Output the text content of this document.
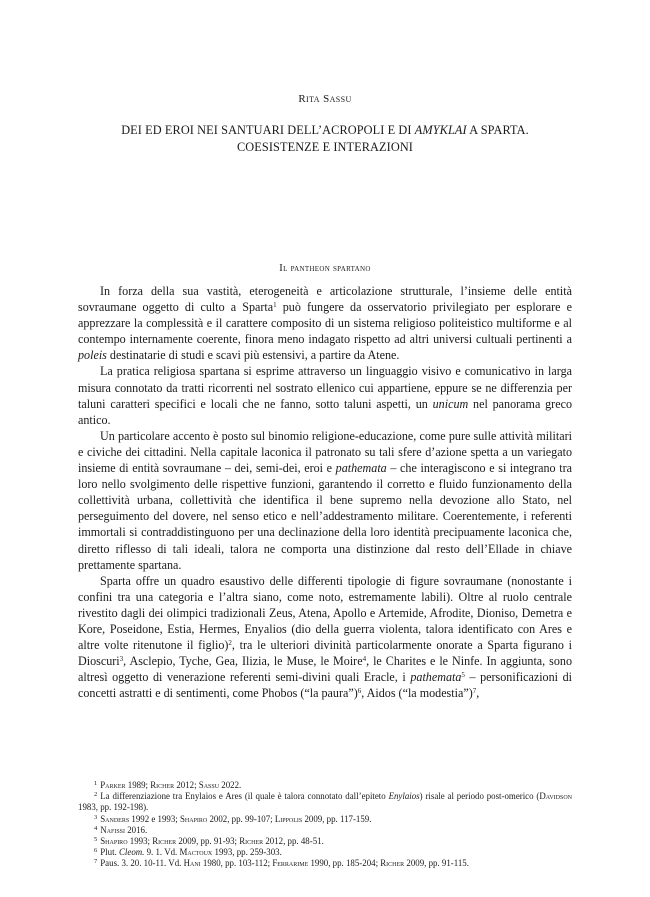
Rita Sassu
DEI ED EROI NEI SANTUARI DELL’ACROPOLI E DI AMYKLAI A SPARTA.
COESISTENZE E INTERAZIONI
Il pantheon spartano

In forza della sua vastità, eterogeneità e articolazione strutturale, l’insieme delle entità sovraumane oggetto di culto a Sparta$^1$ può fungere da osservatorio privilegiato per esplorare e apprezzare la complessità e il carattere composito di un sistema religioso politeistico multiforme e al contempo internamente coerente, finora meno indagato rispetto ad altri universi cultuali pertinenti a poleis destinatarie di studi e scavi più estensivi, a partire da Atene.

La pratica religiosa spartana si esprime attraverso un linguaggio visivo e comunicativo in larga misura connotato da tratti ricorrenti nel sostrato ellenico cui appartiene, eppure se ne differenzia per taluni caratteri specifici e locali che ne fanno, sotto taluni aspetti, un unicum nel panorama greco antico.

Un particolare accento è posto sul binomio religione-educazione, come pure sulle attività militari e civiche dei cittadini. Nella capitale laconica il patronato su tali sfere d’azione spetta a un variegato insieme di entità sovraumane – dei, semi-dei, eroi e pathemata – che interagiscono e si integrano tra loro nello svolgimento delle rispettive funzioni, garantendo il corretto e fluido funzionamento della collettività urbana, collettività che identifica il bene supremo nella devozione allo Stato, nel perseguimento del dovere, nel senso etico e nell’addestramento militare. Coerentemente, i referenti immortali si contraddistinguono per una declinazione della loro identità precipuamente laconica che, diretto riflesso di tali ideali, talora ne comporta una distinzione dal resto dell’Ellade in chiave prettamente spartana.

Sparta offre un quadro esaustivo delle differenti tipologie di figure sovraumane (nonostante i confini tra una categoria e l’altra siano, come noto, estremamente labili). Oltre al ruolo centrale rivestito dagli dei olimpici tradizionali Zeus, Atena, Apollo e Artemide, Afrodite, Dioniso, Demetra e Kore, Poseidone, Estia, Hermes, Enyalios (dio della guerra violenta, talora identificato con Ares e altre volte ritenutone il figlio)$^2$, tra le ulteriori divinità particolarmente onorate a Sparta figurano i Dioscuri$^3$, Asclepio, Tyche, Gea, Ilizia, le Muse, le Moire$^4$, le Charites e le Ninfe. In aggiunta, sono altresì oggetto di venerazione referenti semi-divini quali Eracle, i pathemata$^5$ – personificazioni di concetti astratti e di sentimenti, come Phobos (“la paura”)$^6$, Aidos (“la modestia”)$^7$,

$^1$ Parker 1989; Richer 2012; Sassu 2022.
$^2$ La differenziazione tra Enylaios e Ares (il quale è talora connotato dall’epiteto Enylaios) risale al periodo post-omerico (Davidson 1983, pp. 192-198).
$^3$ Sanders 1992 e 1993; Shapiro 2002, pp. 99-107; Lippolis 2009, pp. 117-159.
$^4$ Nafissi 2016.
$^5$ Shapiro 1993; Richer 2009, pp. 91-93; Richer 2012, pp. 48-51.
$^6$ Plut. Cleom. 9. 1. Vd. Mactoux 1993, pp. 259-303.
$^7$ Paus. 3. 20. 10-11. Vd. Hani 1980, pp. 103-112; Ferrarime 1990, pp. 185-204; Richer 2009, pp. 91-115.
